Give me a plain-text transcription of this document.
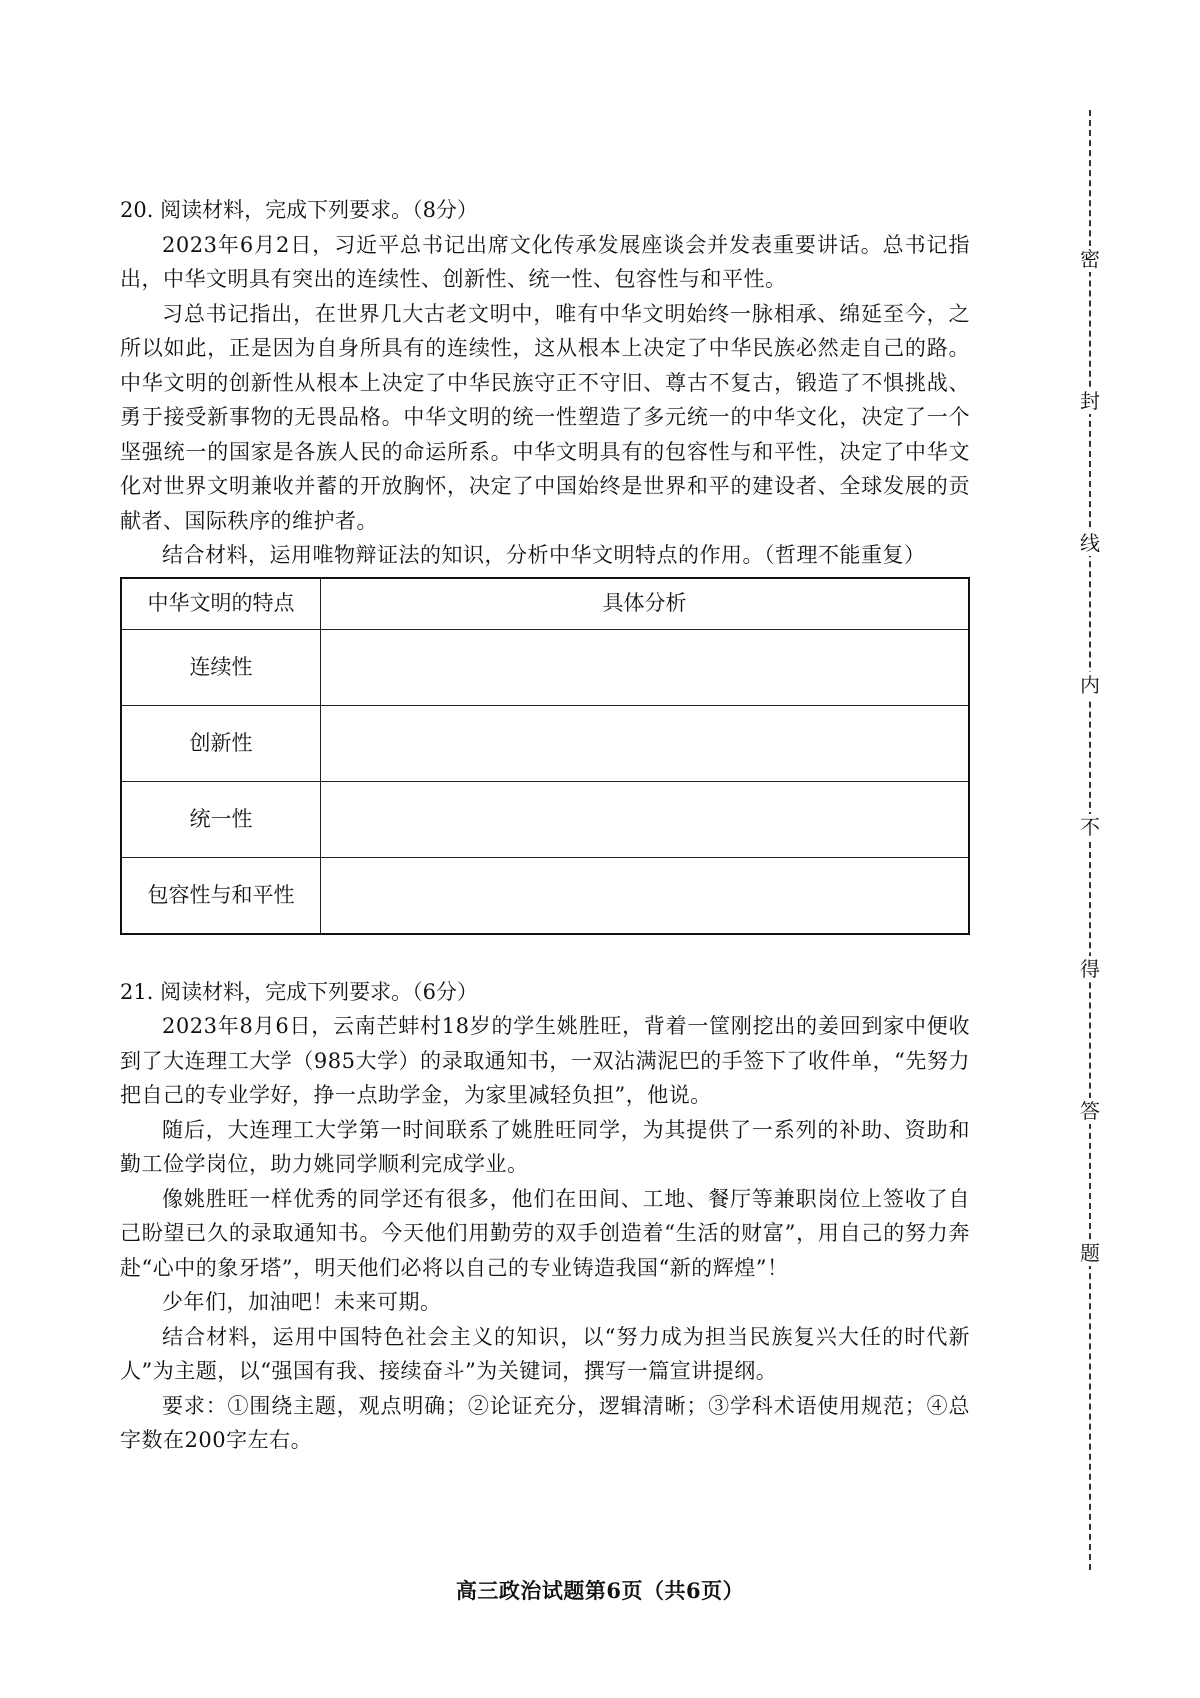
20. 阅读材料，完成下列要求。（8分）

2023年6月2日，习近平总书记出席文化传承发展座谈会并发表重要讲话。总书记指出，中华文明具有突出的连续性、创新性、统一性、包容性与和平性。

习总书记指出，在世界几大古老文明中，唯有中华文明始终一脉相承、绵延至今，之所以如此，正是因为自身所具有的连续性，这从根本上决定了中华民族必然走自己的路。中华文明的创新性从根本上决定了中华民族守正不守旧、尊古不复古，锻造了不惧挑战、勇于接受新事物的无畏品格。中华文明的统一性塑造了多元统一的中华文化，决定了一个坚强统一的国家是各族人民的命运所系。中华文明具有的包容性与和平性，决定了中华文化对世界文明兼收并蓄的开放胸怀，决定了中国始终是世界和平的建设者、全球发展的贡献者、国际秩序的维护者。

结合材料，运用唯物辩证法的知识，分析中华文明特点的作用。（哲理不能重复）

中华文明的特点	具体分析
连续性	
创新性	
统一性	
包容性与和平性	

21. 阅读材料，完成下列要求。（6分）

2023年8月6日，云南芒蚌村18岁的学生姚胜旺，背着一筐刚挖出的姜回到家中便收到了大连理工大学（985大学）的录取通知书，一双沾满泥巴的手签下了收件单，“先努力把自己的专业学好，挣一点助学金，为家里减轻负担”，他说。

随后，大连理工大学第一时间联系了姚胜旺同学，为其提供了一系列的补助、资助和勤工俭学岗位，助力姚同学顺利完成学业。

像姚胜旺一样优秀的同学还有很多，他们在田间、工地、餐厅等兼职岗位上签收了自己盼望已久的录取通知书。今天他们用勤劳的双手创造着“生活的财富”，用自己的努力奔赴“心中的象牙塔”，明天他们必将以自己的专业铸造我国“新的辉煌”！

少年们，加油吧！未来可期。

结合材料，运用中国特色社会主义的知识，以“努力成为担当民族复兴大任的时代新人”为主题，以“强国有我、接续奋斗”为关键词，撰写一篇宣讲提纲。

要求：①围绕主题，观点明确；②论证充分，逻辑清晰；③学科术语使用规范；④总字数在200字左右。

高三政治试题第6页（共6页）
密
封
线
内
不
得
答
题
